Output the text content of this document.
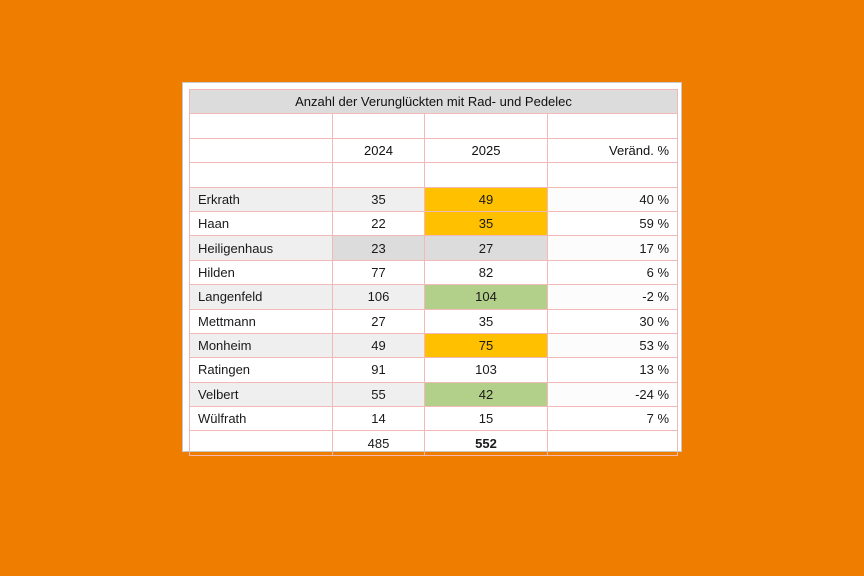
Anzahl der Verunglückten mit Rad- und Pedelec			

	2024	2025	Veränd. %

Erkrath	35	49	40 %
Haan	22	35	59 %
Heiligenhaus	23	27	17 %
Hilden	77	82	6 %
Langenfeld	106	104	-2 %
Mettmann	27	35	30 %
Monheim	49	75	53 %
Ratingen	91	103	13 %
Velbert	55	42	-24 %
Wülfrath	14	15	7 %
	485	552	
